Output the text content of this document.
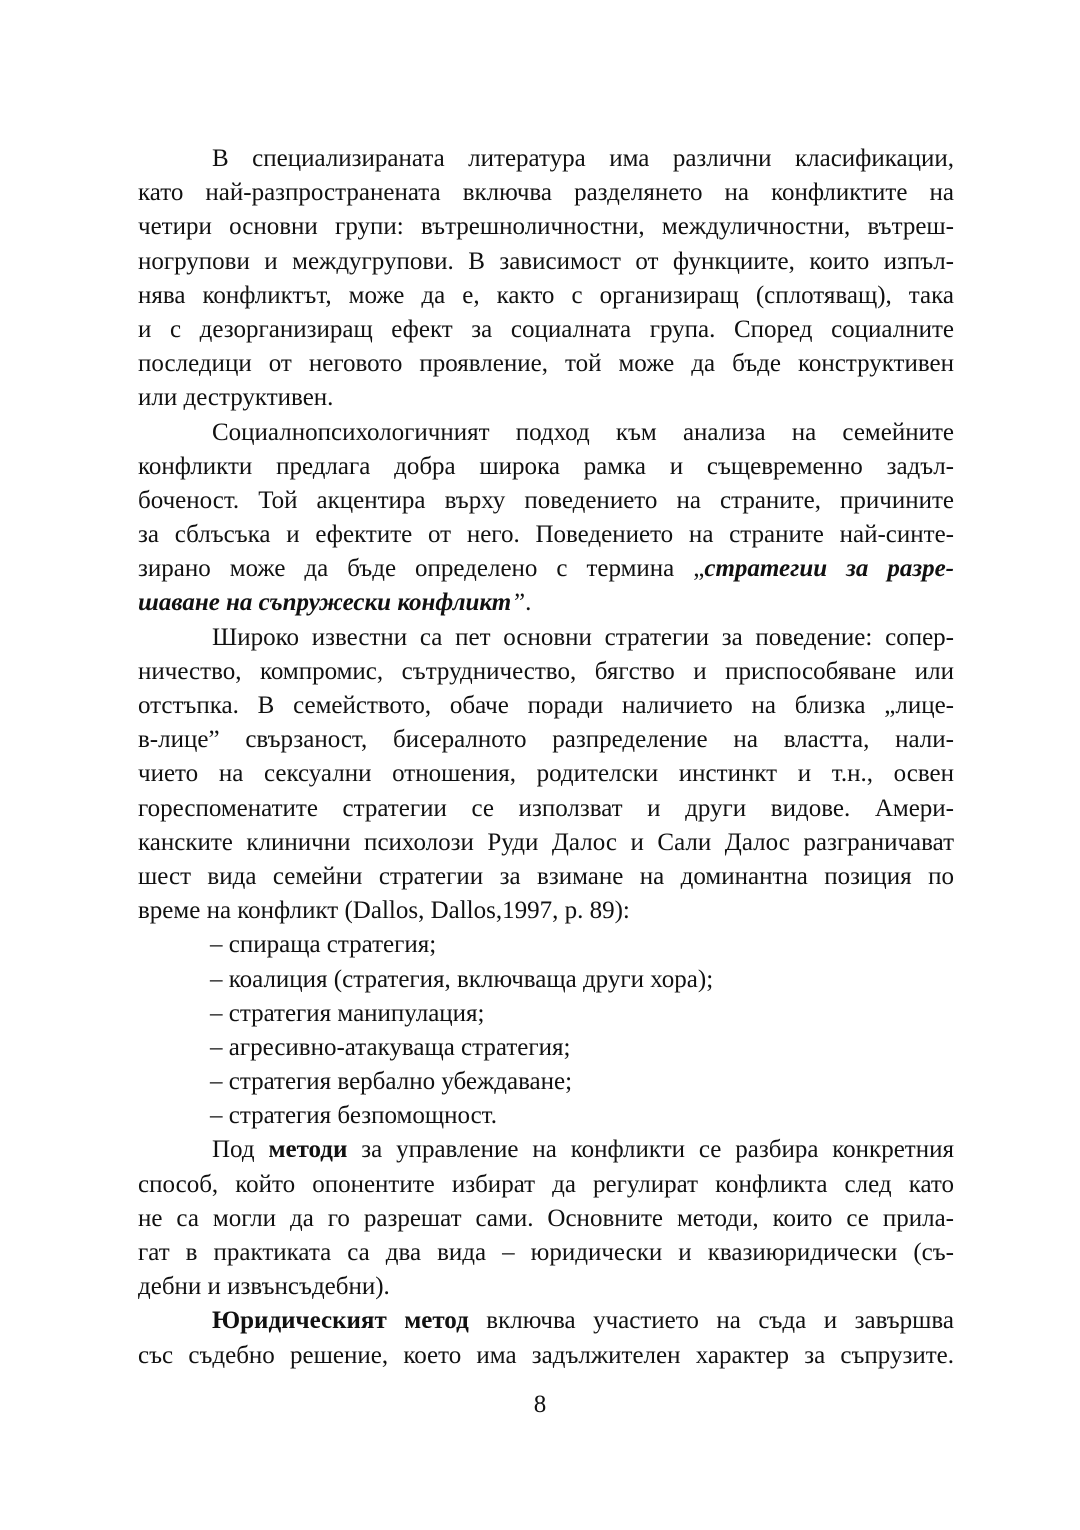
В специализираната литература има различни класификации,
като най-разпространената включва разделянето на конфликтите на
четири основни групи: вътрешноличностни, междуличностни, вътреш-
ногрупови и междугрупови. В зависимост от функциите, които изпъл-
нява конфликтът, може да е, както с организиращ (сплотяващ), така
и с дезорганизиращ ефект за социалната група. Според социалните
последици от неговото проявление, той може да бъде конструктивен
или деструктивен.
Социалнопсихологичният подход към анализа на семейните
конфликти предлага добра широка рамка и същевременно задъл-
боченост. Той акцентира върху поведението на страните, причините
за сблъсъка и ефектите от него. Поведението на страните най-синте-
зирано може да бъде определено с термина „стратегии за разре-
шаване на съпружески конфликт”.
Широко известни са пет основни стратегии за поведение: сопер-
ничество, компромис, сътрудничество, бягство и приспособяване или
отстъпка. В семейството, обаче поради наличието на близка „лице-
в-лице” свързаност, бисералното разпределение на властта, нали-
чието на сексуални отношения, родителски инстинкт и т.н., освен
гореспоменатите стратегии се използват и други видове. Амери-
канските клинични психолози Руди Далос и Сали Далос разграничават
шест вида семейни стратегии за взимане на доминантна позиция по
време на конфликт (Dallos, Dallos,1997, p. 89):
– спираща стратегия;
– коалиция (стратегия, включваща други хора);
– стратегия манипулация;
– агресивно-атакуваща стратегия;
– стратегия вербално убеждаване;
– стратегия безпомощност.
Под методи за управление на конфликти се разбира конкретния
способ, който опонентите избират да регулират конфликта след като
не са могли да го разрешат сами. Основните методи, които се прила-
гат в практиката са два вида – юридически и квазиюридически (съ-
дебни и извънсъдебни).
Юридическият метод включва участието на съда и завършва
със съдебно решение, което има задължителен характер за съпрузите.
8
